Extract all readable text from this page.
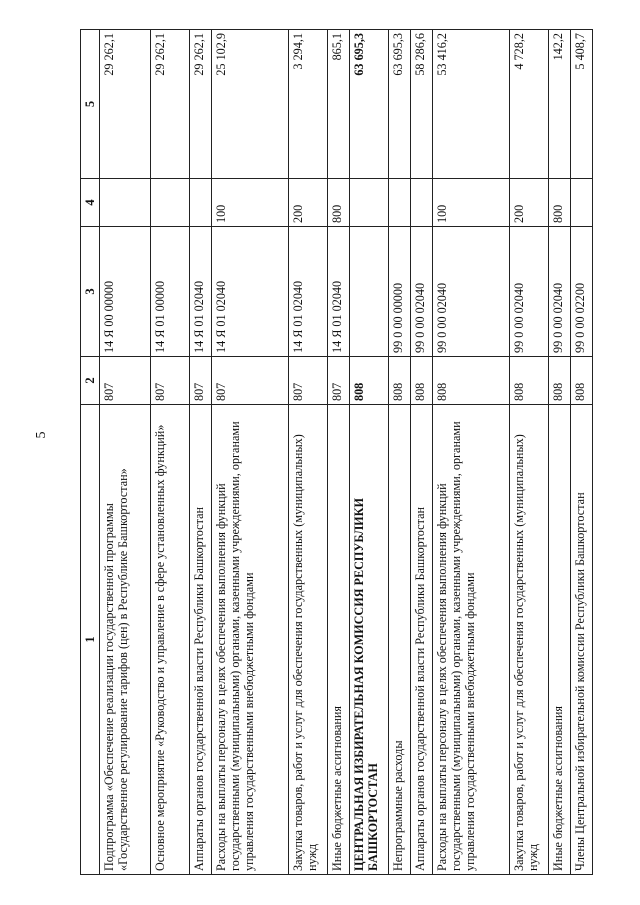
5
1	2	3	4	5
Подпрограмма «Обеспечение реализации государственной программы «Государственное регулирование тарифов (цен) в Республике Башкортостан»	807	14 Я 00 00000		29 262,1
Основное мероприятие «Руководство и управление в сфере установленных функций»	807	14 Я 01 00000		29 262,1
Аппараты органов государственной власти Республики Башкортостан	807	14 Я 01 02040		29 262,1
Расходы на выплаты персоналу в целях обеспечения выполнения функций государственными (муниципальными) органами, казенными учреждениями, органами управления государственными внебюджетными фондами	807	14 Я 01 02040	100	25 102,9
Закупка товаров, работ и услуг для обеспечения государственных (муниципальных) нужд	807	14 Я 01 02040	200	3 294,1
Иные бюджетные ассигнования	807	14 Я 01 02040	800	865,1
ЦЕНТРАЛЬНАЯ ИЗБИРАТЕЛЬНАЯ КОМИССИЯ РЕСПУБЛИКИ БАШКОРТОСТАН	808			63 695,3
Непрограммные расходы	808	99 0 00 00000		63 695,3
Аппараты органов государственной власти Республики Башкортостан	808	99 0 00 02040		58 286,6
Расходы на выплаты персоналу в целях обеспечения выполнения функций государственными (муниципальными) органами, казенными учреждениями, органами управления государственными внебюджетными фондами	808	99 0 00 02040	100	53 416,2
Закупка товаров, работ и услуг для обеспечения государственных (муниципальных) нужд	808	99 0 00 02040	200	4 728,2
Иные бюджетные ассигнования	808	99 0 00 02040	800	142,2
Члены Центральной избирательной комиссии Республики Башкортостан	808	99 0 00 02200		5 408,7
